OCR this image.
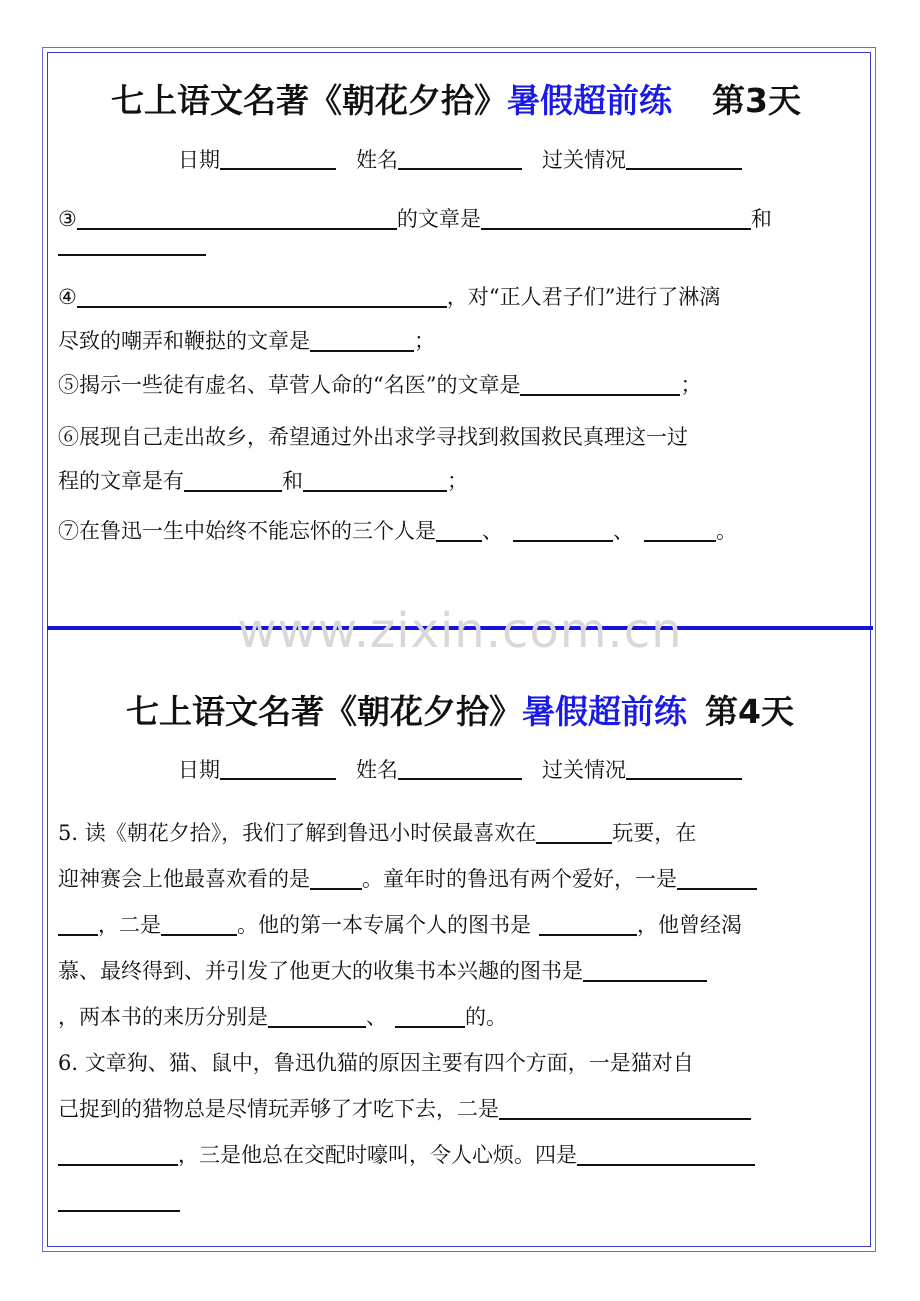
www.zixin.com.cn
七上语文名著《朝花夕拾》暑假超前练 第3天
日期	姓名	过关情况
③	的文章是	和
④	，对“正人君子们”进行了淋漓
尽致的嘲弄和鞭挞的文章是	；
⑤揭示一些徒有虚名、草菅人命的“名医”的文章是	；
⑥展现自己走出故乡，希望通过外出求学寻找到救国救民真理这一过
程的文章是有	和	；
⑦在鲁迅一生中始终不能忘怀的三个人是 、	、	。
七上语文名著《朝花夕拾》暑假超前练 第4天
日期	姓名	过关情况
5. 读《朝花夕拾》，我们了解到鲁迅小时侯最喜欢在	玩要，在
迎神赛会上他最喜欢看的是 。童年时的鲁迅有两个爱好，一是
，二是	。他的第一本专属个人的图书是	，他曾经渴
慕、最终得到、并引发了他更大的收集书本兴趣的图书是
，两本书的来历分别是	、	的。
6. 文章狗、猫、鼠中，鲁迅仇猫的原因主要有四个方面，一是猫对自
己捉到的猎物总是尽情玩弄够了才吃下去，二是
，三是他总在交配时嚎叫，令人心烦。四是
